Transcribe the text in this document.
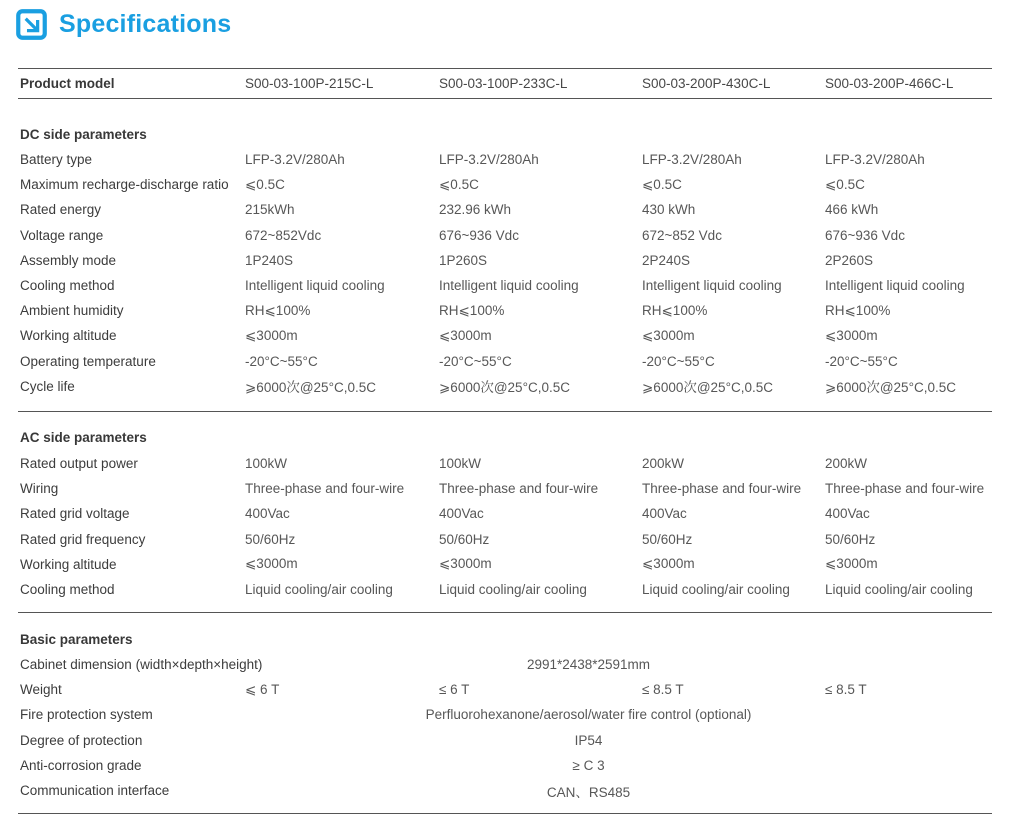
Specifications
Product model	S00-03-100P-215C-L	S00-03-100P-233C-L	S00-03-200P-430C-L	S00-03-200P-466C-L
DC side parameters
Battery type	LFP-3.2V/280Ah	LFP-3.2V/280Ah	LFP-3.2V/280Ah	LFP-3.2V/280Ah
Maximum recharge-discharge ratio	⩽0.5C	⩽0.5C	⩽0.5C	⩽0.5C
Rated energy	215kWh	232.96 kWh	430 kWh	466 kWh
Voltage range	672~852Vdc	676~936 Vdc	672~852 Vdc	676~936 Vdc
Assembly mode	1P240S	1P260S	2P240S	2P260S
Cooling method	Intelligent liquid cooling	Intelligent liquid cooling	Intelligent liquid cooling	Intelligent liquid cooling
Ambient humidity	RH⩽100%	RH⩽100%	RH⩽100%	RH⩽100%
Working altitude	⩽3000m	⩽3000m	⩽3000m	⩽3000m
Operating temperature	-20°C~55°C	-20°C~55°C	-20°C~55°C	-20°C~55°C
Cycle life	⩾6000次@25°C,0.5C	⩾6000次@25°C,0.5C	⩾6000次@25°C,0.5C	⩾6000次@25°C,0.5C
AC side parameters
Rated output power	100kW	100kW	200kW	200kW
Wiring	Three-phase and four-wire	Three-phase and four-wire	Three-phase and four-wire	Three-phase and four-wire
Rated grid voltage	400Vac	400Vac	400Vac	400Vac
Rated grid frequency	50/60Hz	50/60Hz	50/60Hz	50/60Hz
Working altitude	⩽3000m	⩽3000m	⩽3000m	⩽3000m
Cooling method	Liquid cooling/air cooling	Liquid cooling/air cooling	Liquid cooling/air cooling	Liquid cooling/air cooling
Basic parameters
Cabinet dimension (width×depth×height)	2991*2438*2591mm
Weight	⩽ 6 T	≤ 6 T	≤ 8.5 T	≤ 8.5 T
Fire protection system	Perfluorohexanone/aerosol/water fire control (optional)
Degree of protection	IP54
Anti-corrosion grade	≥ C 3
Communication interface	CAN、RS485
